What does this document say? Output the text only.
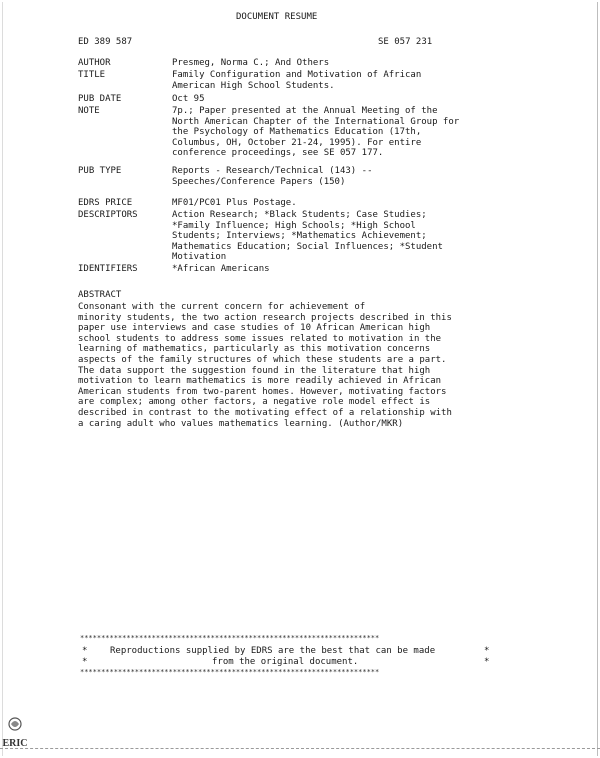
DOCUMENT RESUME
ED 389 587	SE 057 231
AUTHOR	Presmeg, Norma C.; And Others
TITLE	Family Configuration and Motivation of African
American High School Students.
PUB DATE	Oct 95
NOTE	7p.; Paper presented at the Annual Meeting of the
North American Chapter of the International Group for
the Psychology of Mathematics Education (17th,
Columbus, OH, October 21-24, 1995). For entire
conference proceedings, see SE 057 177.
PUB TYPE	Reports - Research/Technical (143) --
Speeches/Conference Papers (150)
EDRS PRICE	MF01/PC01 Plus Postage.
DESCRIPTORS	Action Research; *Black Students; Case Studies;
*Family Influence; High Schools; *High School
Students; Interviews; *Mathematics Achievement;
Mathematics Education; Social Influences; *Student
Motivation
IDENTIFIERS	*African Americans
ABSTRACT
Consonant with the current concern for achievement of
minority students, the two action research projects described in this
paper use interviews and case studies of 10 African American high
school students to address some issues related to motivation in the
learning of mathematics, particularly as this motivation concerns
aspects of the family structures of which these students are a part.
The data support the suggestion found in the literature that high
motivation to learn mathematics is more readily achieved in African
American students from two-parent homes. However, motivating factors
are complex; among other factors, a negative role model effect is
described in contrast to the motivating effect of a relationship with
a caring adult who values mathematics learning. (Author/MKR)
***********************************************************************
*	Reproductions supplied by EDRS are the best that can be made	*
*	from the original document.	*
***********************************************************************
ERIC
